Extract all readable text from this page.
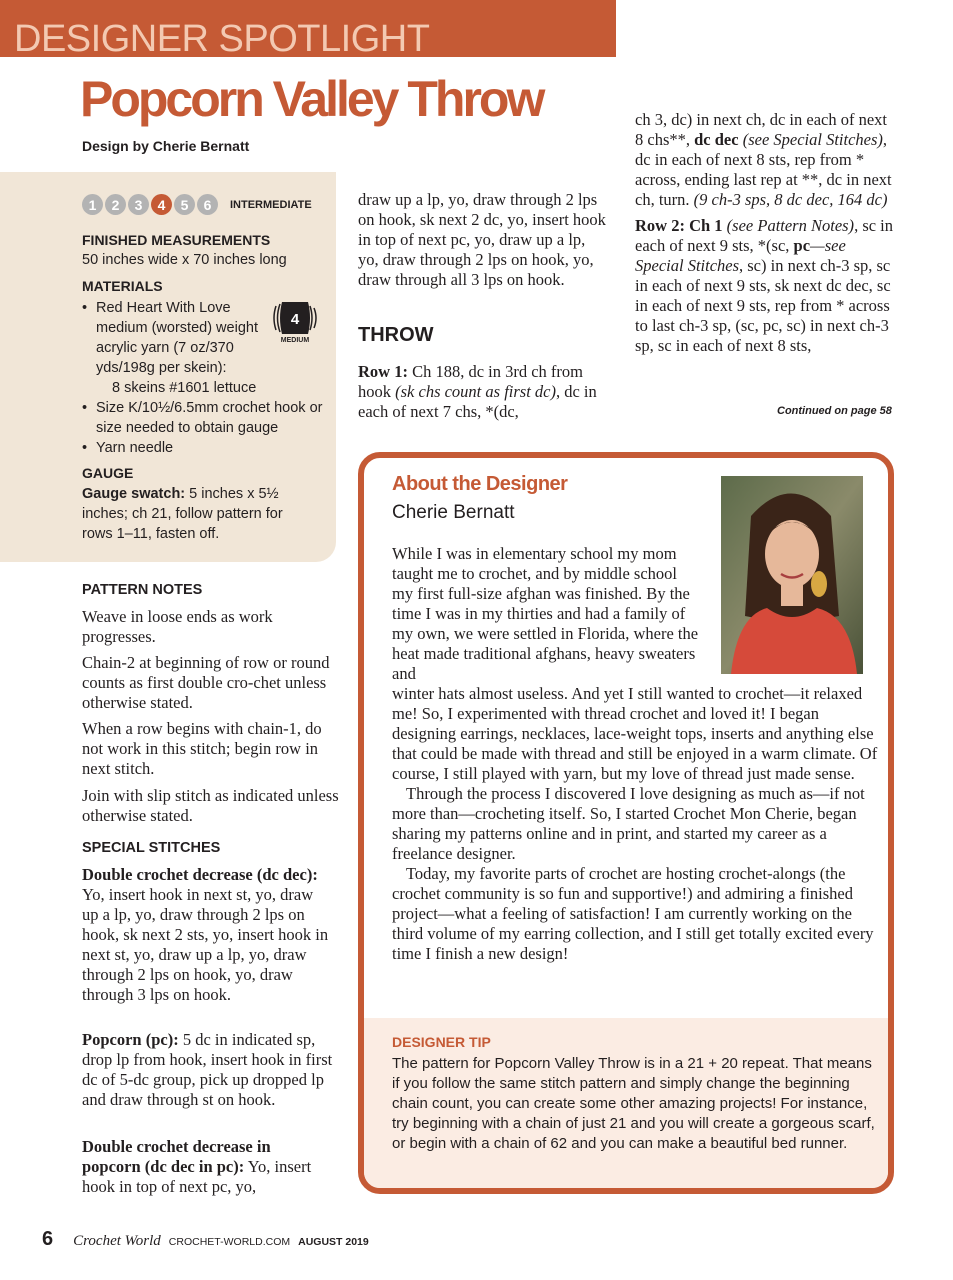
DESIGNER SPOTLIGHT
Popcorn Valley Throw
Design by Cherie Bernatt
1	2	3	4	5	6	INTERMEDIATE
FINISHED MEASUREMENTS
50 inches wide x 70 inches long
MATERIALS
• Red Heart With Love medium (worsted) weight acrylic yarn (7 oz/370 yds/198g per skein):
8 skeins #1601 lettuce
• Size K/10½/6.5mm crochet hook or size needed to obtain gauge
• Yarn needle
4
MEDIUM
GAUGE
Gauge swatch: 5 inches x 5½ inches; ch 21, follow pattern for rows 1–11, fasten off.
PATTERN NOTES

Weave in loose ends as work progresses.

Chain-2 at beginning of row or round counts as first double cro-chet unless otherwise stated.

When a row begins with chain-1, do not work in this stitch; begin row in next stitch.

Join with slip stitch as indicated unless otherwise stated.

SPECIAL STITCHES

Double crochet decrease (dc dec): Yo, insert hook in next st, yo, draw up a lp, yo, draw through 2 lps on hook, sk next 2 sts, yo, insert hook in next st, yo, draw up a lp, yo, draw through 2 lps on hook, yo, draw through 3 lps on hook.

Popcorn (pc): 5 dc in indicated sp, drop lp from hook, insert hook in first dc of 5-dc group, pick up dropped lp and draw through st on hook.

Double crochet decrease in popcorn (dc dec in pc): Yo, insert hook in top of next pc, yo,

draw up a lp, yo, draw through 2 lps on hook, sk next 2 dc, yo, insert hook in top of next pc, yo, draw up a lp, yo, draw through 2 lps on hook, yo, draw through all 3 lps on hook.

THROW

Row 1: Ch 188, dc in 3rd ch from hook (sk chs count as first dc), dc in each of next 7 chs, *(dc,

ch 3, dc) in next ch, dc in each of next 8 chs**, dc dec (see Special Stitches), dc in each of next 8 sts, rep from * across, ending last rep at **, dc in next ch, turn. (9 ch-3 sps, 8 dc dec, 164 dc)

Row 2: Ch 1 (see Pattern Notes), sc in each of next 9 sts, *(sc, pc—see Special Stitches, sc) in next ch-3 sp, sc in each of next 9 sts, sk next dc dec, sc in each of next 9 sts, rep from * across to last ch-3 sp, (sc, pc, sc) in next ch-3 sp, sc in each of next 8 sts,

Continued on page 58
About the Designer
Cherie Bernatt

While I was in elementary school my mom taught me to crochet, and by middle school my first full-size afghan was finished. By the time I was in my thirties and had a family of my own, we were settled in Florida, where the heat made traditional afghans, heavy sweaters and

winter hats almost useless. And yet I still wanted to crochet—it relaxed me! So, I experimented with thread crochet and loved it! I began designing earrings, necklaces, lace-weight tops, inserts and anything else that could be made with thread and still be enjoyed in a warm climate. Of course, I still played with yarn, but my love of thread just made sense.

Through the process I discovered I love designing as much as—if not more than—crocheting itself. So, I started Crochet Mon Cherie, began sharing my patterns online and in print, and started my career as a freelance designer.

Today, my favorite parts of crochet are hosting crochet-alongs (the crochet community is so fun and supportive!) and admiring a finished project—what a feeling of satisfaction! I am currently working on the third volume of my earring collection, and I still get totally excited every time I finish a new design!

DESIGNER TIP

The pattern for Popcorn Valley Throw is in a 21 + 20 repeat. That means if you follow the same stitch pattern and simply change the beginning chain count, you can create some other amazing projects! For instance, try beginning with a chain of just 21 and you will create a gorgeous scarf, or begin with a chain of 62 and you can make a beautiful bed runner.

6 Crochet World CROCHET-WORLD.COM AUGUST 2019
